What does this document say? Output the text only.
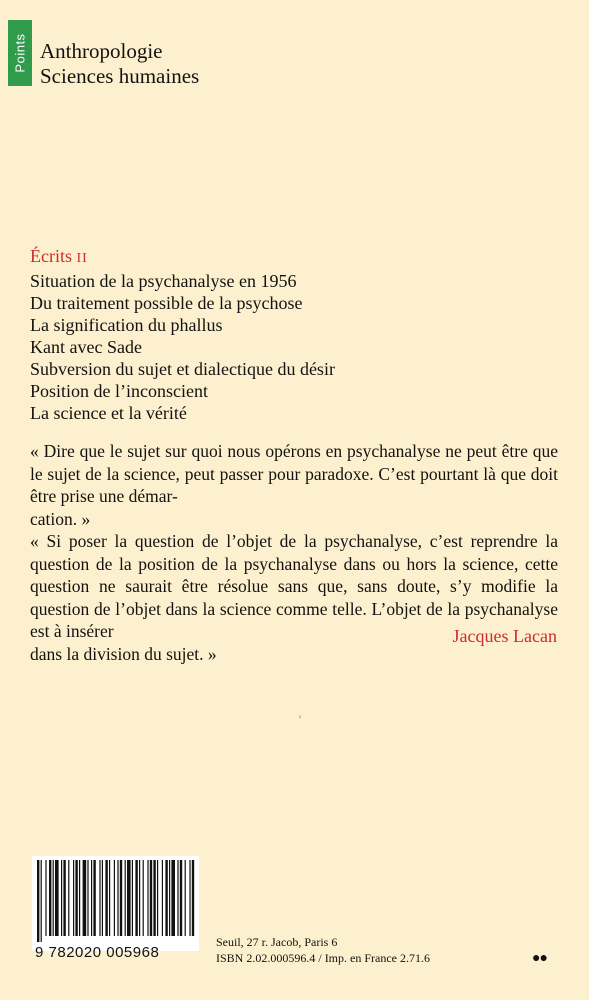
Points Anthropologie
Sciences humaines
Écrits II
Situation de la psychanalyse en 1956
Du traitement possible de la psychose
La signification du phallus
Kant avec Sade
Subversion du sujet et dialectique du désir
Position de l’inconscient
La science et la vérité

« Dire que le sujet sur quoi nous opérons en psychanalyse ne peut être que le sujet de la science, peut passer pour paradoxe. C’est pourtant là que doit être prise une démar-

cation. »

« Si poser la question de l’objet de la psychanalyse, c’est reprendre la question de la position de la psychanalyse dans ou hors la science, cette question ne saurait être résolue sans que, sans doute, s’y modifie la question de l’objet dans la science comme telle. L’objet de la psychanalyse est à insérer

dans la division du sujet. »

Jacques Lacan
‘
9 782020 005968
Seuil, 27 r. Jacob, Paris 6
ISBN 2.02.000596.4 / Imp. en France 2.71.6	●●
